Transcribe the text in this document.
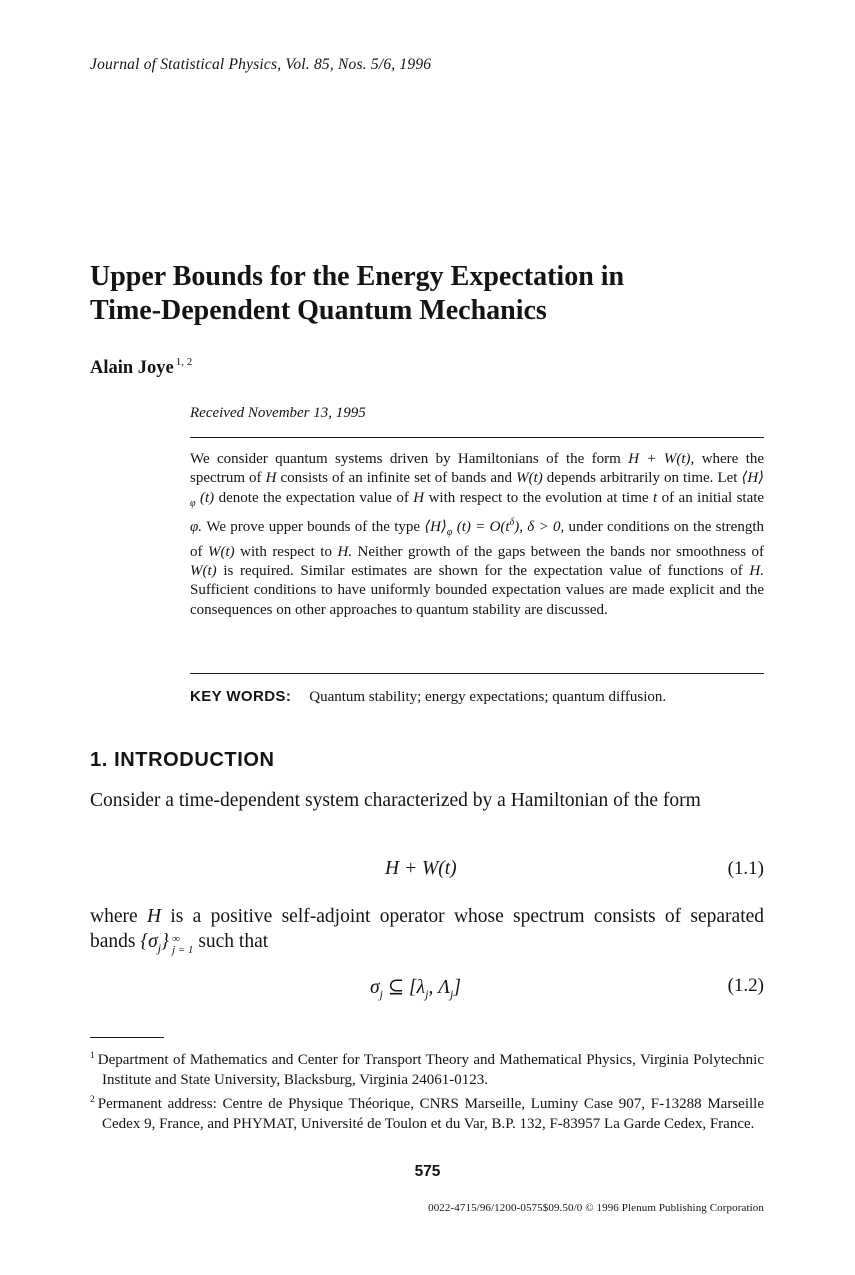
Journal of Statistical Physics, Vol. 85, Nos. 5/6, 1996
Upper Bounds for the Energy Expectation in
Time-Dependent Quantum Mechanics
Alain Joye $^{1, 2}$
Received November 13, 1995

We consider quantum systems driven by Hamiltonians of the form H + W(t), where the spectrum of H consists of an infinite set of bands and W(t) depends arbitrarily on time. Let $⟨H⟩_\varphi$ (t) denote the expectation value of H with respect to the evolution at time t of an initial state φ. We prove upper bounds of the type $⟨H⟩_\varphi$ $(t) = O(t^\delta)$, δ > 0, under conditions on the strength of W(t) with respect to H. Neither growth of the gaps between the bands nor smoothness of W(t) is required. Similar estimates are shown for the expectation value of functions of H. Sufficient conditions to have uniformly bounded expectation values are made explicit and the consequences on other approaches to quantum stability are discussed.

KEY WORDS: Quantum stability; energy expectations; quantum diffusion.
1. INTRODUCTION
Consider a time-dependent system characterized by a Hamiltonian of the form
H + W(t)	(1.1)
where H is a positive self-adjoint operator whose spectrum consists of separated bands $\{\sigma_j\}$ ∞
j = 1 such that
$\sigma_j$ ⊆ [$\lambda_j$, $\Lambda_j$]	(1.2)

$^1$ Department of Mathematics and Center for Transport Theory and Mathematical Physics, Virginia Polytechnic Institute and State University, Blacksburg, Virginia 24061-0123.

$^2$ Permanent address: Centre de Physique Théorique, CNRS Marseille, Luminy Case 907, F-13288 Marseille Cedex 9, France, and PHYMAT, Université de Toulon et du Var, B.P. 132, F-83957 La Garde Cedex, France.

575
0022-4715/96/1200-0575$09.50/0 © 1996 Plenum Publishing Corporation
